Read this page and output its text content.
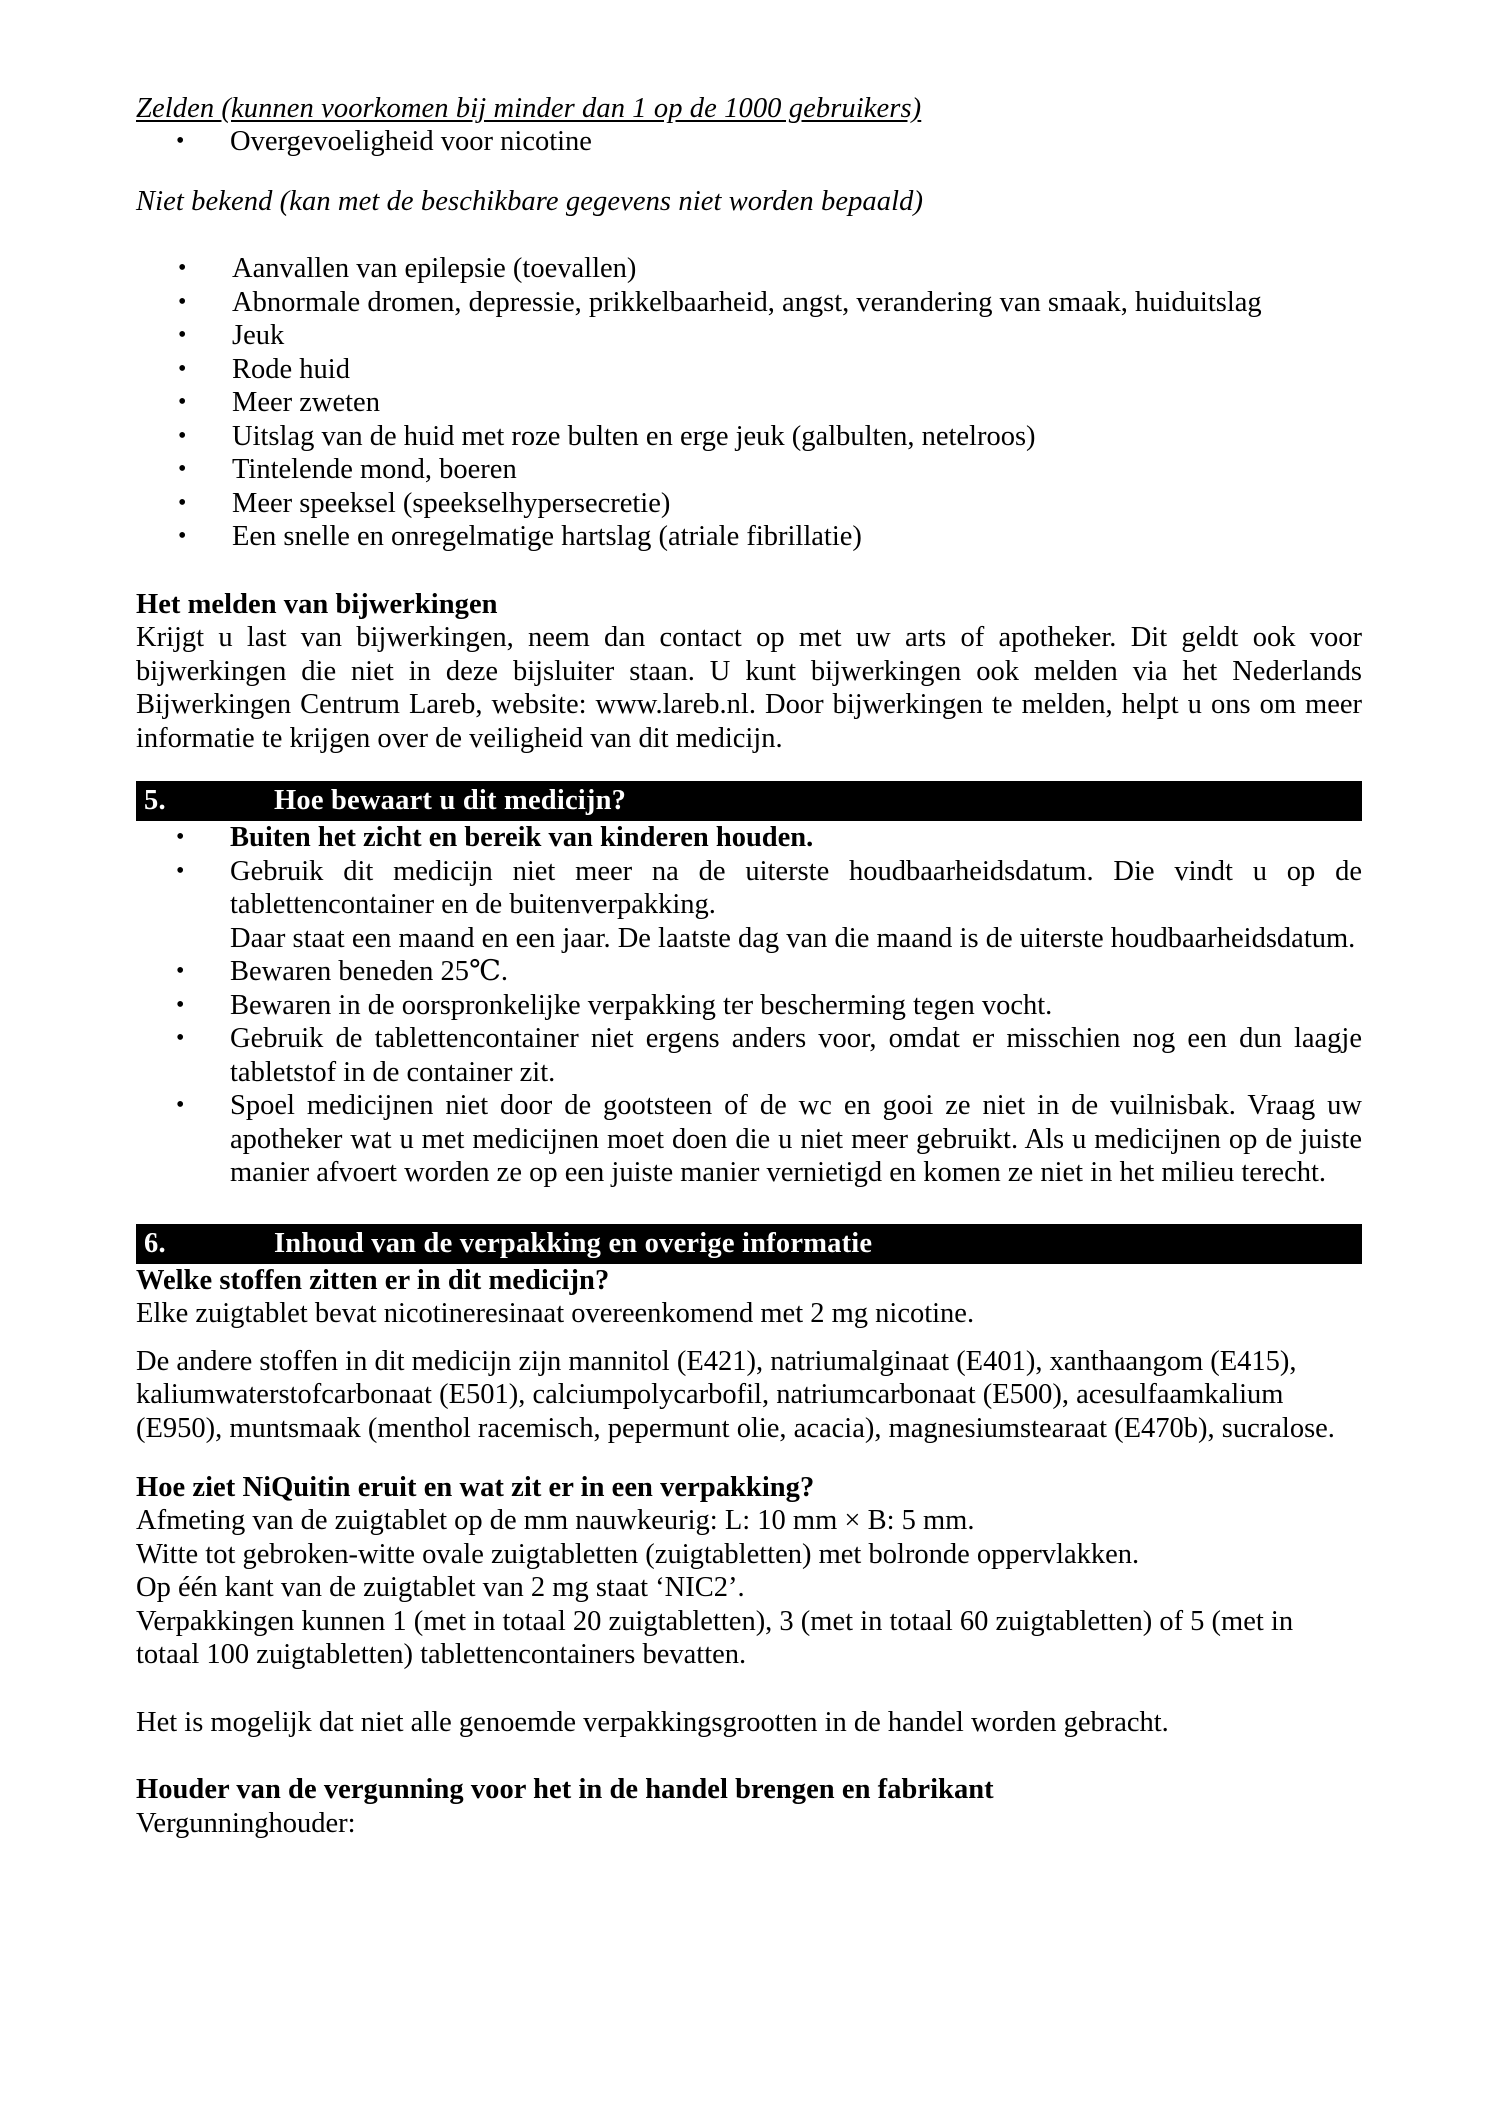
Zelden (kunnen voorkomen bij minder dan 1 op de 1000 gebruikers)

• Overgevoeligheid voor nicotine

Niet bekend (kan met de beschikbare gegevens niet worden bepaald)

• Aanvallen van epilepsie (toevallen)
• Abnormale dromen, depressie, prikkelbaarheid, angst, verandering van smaak, huiduitslag
• Jeuk
• Rode huid
• Meer zweten
• Uitslag van de huid met roze bulten en erge jeuk (galbulten, netelroos)
• Tintelende mond, boeren
• Meer speeksel (speekselhypersecretie)
• Een snelle en onregelmatige hartslag (atriale fibrillatie)

Het melden van bijwerkingen

Krijgt u last van bijwerkingen, neem dan contact op met uw arts of apotheker. Dit geldt ook voor bijwerkingen die niet in deze bijsluiter staan. U kunt bijwerkingen ook melden via het Nederlands Bijwerkingen Centrum Lareb, website: www.lareb.nl. Door bijwerkingen te melden, helpt u ons om meer informatie te krijgen over de veiligheid van dit medicijn.

5.	Hoe bewaart u dit medicijn?
• Buiten het zicht en bereik van kinderen houden.
• Gebruik dit medicijn niet meer na de uiterste houdbaarheidsdatum. Die vindt u op de tablettencontainer en de buitenverpakking.
Daar staat een maand en een jaar. De laatste dag van die maand is de uiterste houdbaarheidsdatum.
• Bewaren beneden 25℃.
• Bewaren in de oorspronkelijke verpakking ter bescherming tegen vocht.
• Gebruik de tablettencontainer niet ergens anders voor, omdat er misschien nog een dun laagje tabletstof in de container zit.
• Spoel medicijnen niet door de gootsteen of de wc en gooi ze niet in de vuilnisbak. Vraag uw apotheker wat u met medicijnen moet doen die u niet meer gebruikt. Als u medicijnen op de juiste manier afvoert worden ze op een juiste manier vernietigd en komen ze niet in het milieu terecht.
6.	Inhoud van de verpakking en overige informatie

Welke stoffen zitten er in dit medicijn?

Elke zuigtablet bevat nicotineresinaat overeenkomend met 2 mg nicotine.

De andere stoffen in dit medicijn zijn mannitol (E421), natriumalginaat (E401), xanthaangom (E415), kaliumwaterstofcarbonaat (E501), calciumpolycarbofil, natriumcarbonaat (E500), acesulfaamkalium (E950), muntsmaak (menthol racemisch, pepermunt olie, acacia), magnesiumstearaat (E470b), sucralose.

Hoe ziet NiQuitin eruit en wat zit er in een verpakking?

Afmeting van de zuigtablet op de mm nauwkeurig: L: 10 mm × B: 5 mm.

Witte tot gebroken-witte ovale zuigtabletten (zuigtabletten) met bolronde oppervlakken.

Op één kant van de zuigtablet van 2 mg staat ‘NIC2’.

Verpakkingen kunnen 1 (met in totaal 20 zuigtabletten), 3 (met in totaal 60 zuigtabletten) of 5 (met in totaal 100 zuigtabletten) tablettencontainers bevatten.

Het is mogelijk dat niet alle genoemde verpakkingsgrootten in de handel worden gebracht.

Houder van de vergunning voor het in de handel brengen en fabrikant

Vergunninghouder:
